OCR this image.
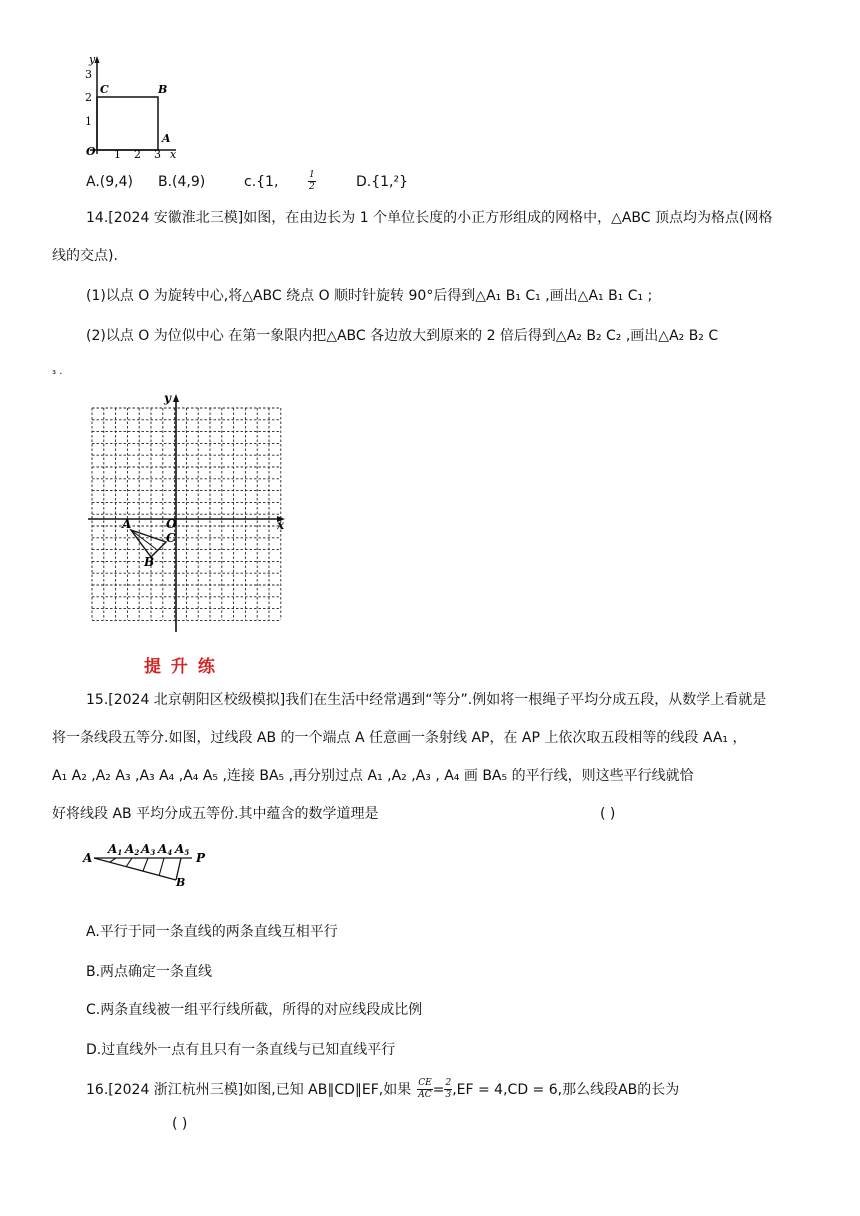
y
3
2
1
C	B
A
O 1 2 3 x
A.(9,4) B.(4,9)	c.{1,	$\frac{1}{2}$	D.{1,²}
14.[2024 安徽淮北三模]如图，在由边长为 1 个单位长度的小正方形组成的网格中，△ABC 顶点均为格点(网格
线的交点).
(1)以点 O 为旋转中心,将△ABC 绕点 O 顺时针旋转 90°后得到△A₁ B₁ C₁ ,画出△A₁ B₁ C₁ ;
(2)以点 O 为位似中心 在第一象限内把△ABC 各边放大到原来的 2 倍后得到△A₂ B₂ C₂ ,画出△A₂ B₂ C
₃ .
y
x
O
A
C
B
提 升 练
15.[2024 北京朝阳区校级模拟]我们在生活中经常遇到“等分”.例如将一根绳子平均分成五段，从数学上看就是
将一条线段五等分.如图，过线段 AB 的一个端点 A 任意画一条射线 AP，在 AP 上依次取五段相等的线段 AA₁ ，
A₁ A₂ ,A₂ A₃ ,A₃ A₄ ,A₄ A₅ ,连接 BA₅ ,再分别过点 A₁ ,A₂ ,A₃ , A₄ 画 BA₅ 的平行线，则这些平行线就恰
好将线段 AB 平均分成五等份.其中蕴含的数学道理是	( )
A	P
B
A1 A2 A3 A4 A5
A.平行于同一条直线的两条直线互相平行
B.两点确定一条直线
C.两条直线被一组平行线所截，所得的对应线段成比例
D.过直线外一点有且只有一条直线与已知直线平行
16.[2024 浙江杭州三模]如图,已知 AB∥CD∥EF,如果 $\frac{CE}{AC} = \frac{2}{3} ,EF = 4,CD = 6$,那么线段AB的长为
( )
